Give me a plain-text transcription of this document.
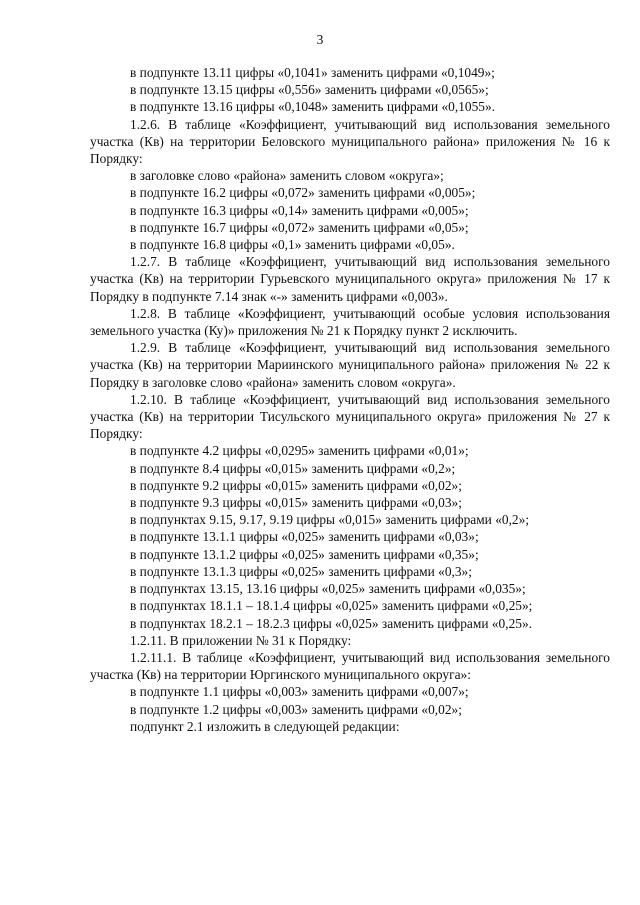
3
в подпункте 13.11 цифры «0,1041» заменить цифрами «0,1049»;
в подпункте 13.15 цифры «0,556» заменить цифрами «0,0565»;
в подпункте 13.16 цифры «0,1048» заменить цифрами «0,1055».
1.2.6. В таблице «Коэффициент, учитывающий вид использования земельного участка (Кв) на территории Беловского муниципального района» приложения № 16 к Порядку:
в заголовке слово «района» заменить словом «округа»;
в подпункте 16.2 цифры «0,072» заменить цифрами «0,005»;
в подпункте 16.3 цифры «0,14» заменить цифрами «0,005»;
в подпункте 16.7 цифры «0,072» заменить цифрами «0,05»;
в подпункте 16.8 цифры «0,1» заменить цифрами «0,05».
1.2.7. В таблице «Коэффициент, учитывающий вид использования земельного участка (Кв) на территории Гурьевского муниципального округа» приложения № 17 к Порядку в подпункте 7.14 знак «-» заменить цифрами «0,003».
1.2.8. В таблице «Коэффициент, учитывающий особые условия использования земельного участка (Ку)» приложения № 21 к Порядку пункт 2 исключить.
1.2.9. В таблице «Коэффициент, учитывающий вид использования земельного участка (Кв) на территории Мариинского муниципального района» приложения № 22 к Порядку в заголовке слово «района» заменить словом «округа».
1.2.10. В таблице «Коэффициент, учитывающий вид использования земельного участка (Кв) на территории Тисульского муниципального округа» приложения № 27 к Порядку:
в подпункте 4.2 цифры «0,0295» заменить цифрами «0,01»;
в подпункте 8.4 цифры «0,015» заменить цифрами «0,2»;
в подпункте 9.2 цифры «0,015» заменить цифрами «0,02»;
в подпункте 9.3 цифры «0,015» заменить цифрами «0,03»;
в подпунктах 9.15, 9.17, 9.19 цифры «0,015» заменить цифрами «0,2»;
в подпункте 13.1.1 цифры «0,025» заменить цифрами «0,03»;
в подпункте 13.1.2 цифры «0,025» заменить цифрами «0,35»;
в подпункте 13.1.3 цифры «0,025» заменить цифрами «0,3»;
в подпунктах 13.15, 13.16 цифры «0,025» заменить цифрами «0,035»;
в подпунктах 18.1.1 – 18.1.4 цифры «0,025» заменить цифрами «0,25»;
в подпунктах 18.2.1 – 18.2.3 цифры «0,025» заменить цифрами «0,25».
1.2.11. В приложении № 31 к Порядку:
1.2.11.1. В таблице «Коэффициент, учитывающий вид использования земельного участка (Кв) на территории Юргинского муниципального округа»:
в подпункте 1.1 цифры «0,003» заменить цифрами «0,007»;
в подпункте 1.2 цифры «0,003» заменить цифрами «0,02»;
подпункт 2.1 изложить в следующей редакции:
